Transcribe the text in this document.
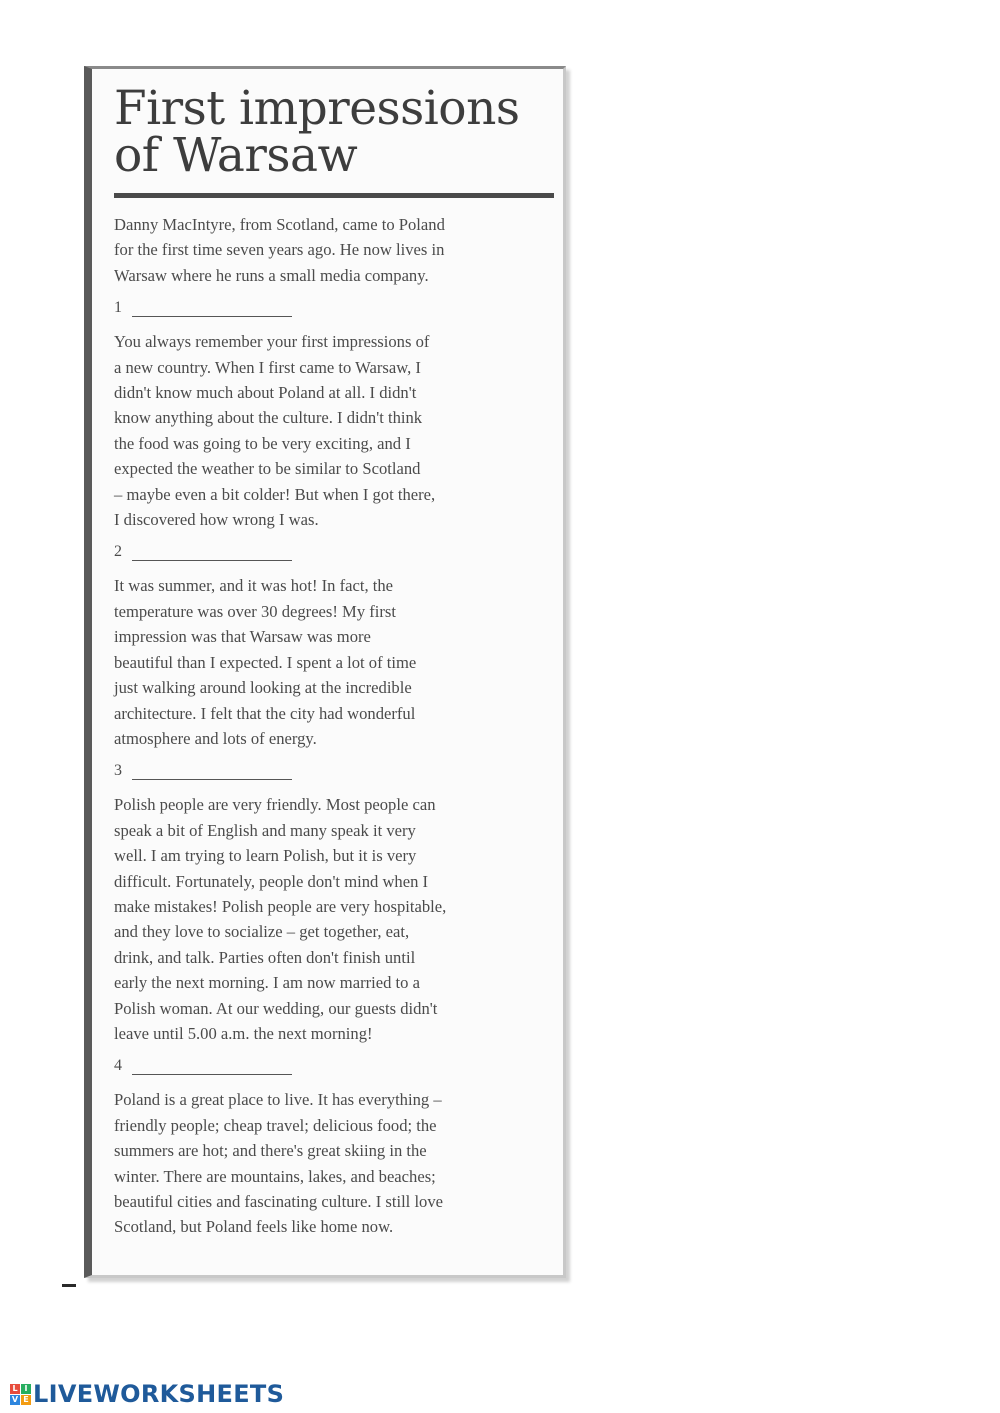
First impressions
of Warsaw

Danny MacIntyre, from Scotland, came to Poland
for the first time seven years ago. He now lives in
Warsaw where he runs a small media company.

1

You always remember your first impressions of
a new country. When I first came to Warsaw, I
didn't know much about Poland at all. I didn't
know anything about the culture. I didn't think
the food was going to be very exciting, and I
expected the weather to be similar to Scotland
– maybe even a bit colder! But when I got there,
I discovered how wrong I was.

2

It was summer, and it was hot! In fact, the
temperature was over 30 degrees! My first
impression was that Warsaw was more
beautiful than I expected. I spent a lot of time
just walking around looking at the incredible
architecture. I felt that the city had wonderful
atmosphere and lots of energy.

3

Polish people are very friendly. Most people can
speak a bit of English and many speak it very
well. I am trying to learn Polish, but it is very
difficult. Fortunately, people don't mind when I
make mistakes! Polish people are very hospitable,
and they love to socialize – get together, eat,
drink, and talk. Parties often don't finish until
early the next morning. I am now married to a
Polish woman. At our wedding, our guests didn't
leave until 5.00 a.m. the next morning!

4

Poland is a great place to live. It has everything –
friendly people; cheap travel; delicious food; the
summers are hot; and there's great skiing in the
winter. There are mountains, lakes, and beaches;
beautiful cities and fascinating culture. I still love
Scotland, but Poland feels like home now.

L I
V E LIVEWORKSHEETS
